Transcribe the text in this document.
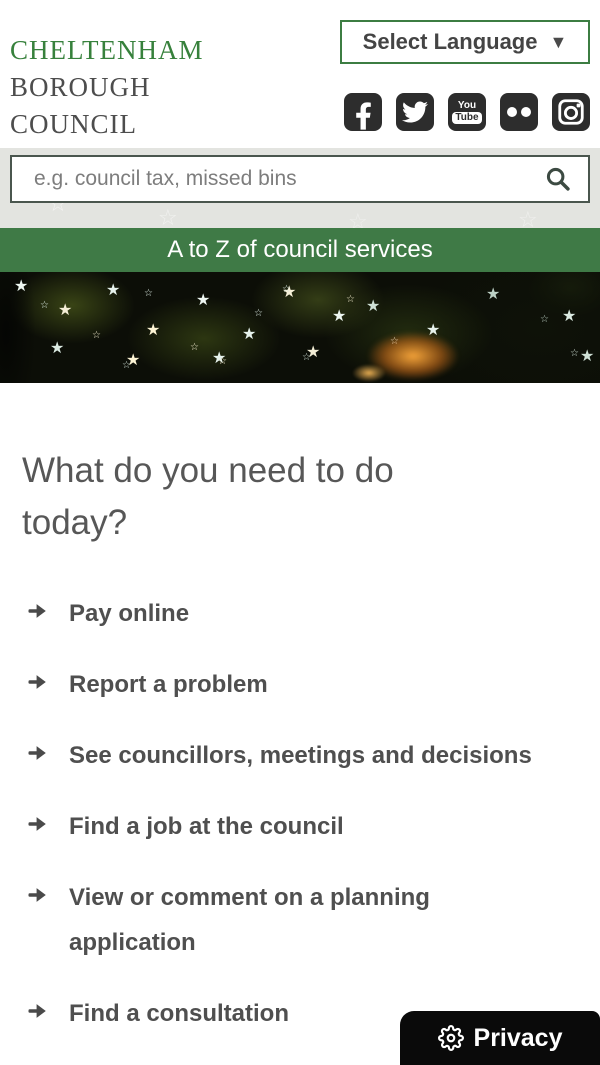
CHELTENHAM
BOROUGH
COUNCIL
Select Language ▼
You
Tube
☆
e.g. council tax, missed bins
A to Z of council services
★
☆
What do you need to do today?
Pay online
Report a problem
See councillors, meetings and decisions
Find a job at the council
View or comment on a planning application
Find a consultation
Privacy
